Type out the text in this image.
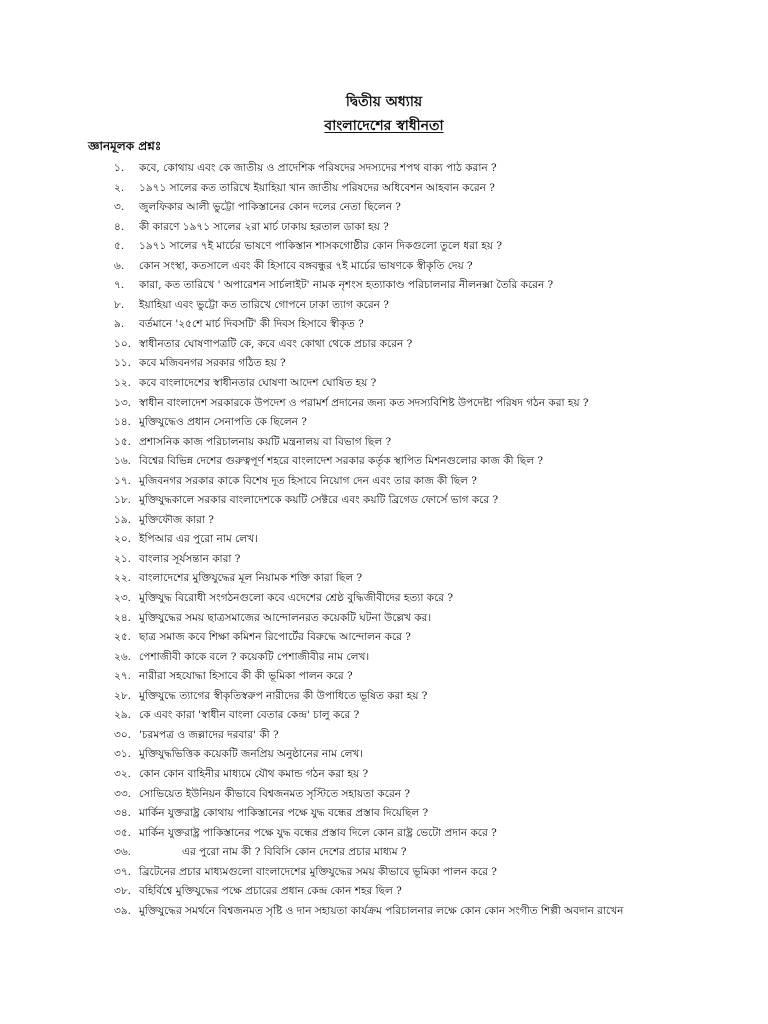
দ্বিতীয় অধ্যায়
বাংলাদেশের স্বাধীনতা
জ্ঞানমূলক প্রশ্নঃ
১.	কবে, কোথায় এবং কে জাতীয় ও প্রাদেশিক পরিষদের সদস্যদের শপথ বাক্য পাঠ করান ?
২.	১৯৭১ সালের কত তারিখে ইয়াহিয়া খান জাতীয় পরিষদের অধিবেশন আহবান করেন ?
৩.	জুলফিকার আলী ভুট্টো পাকিস্তানের কোন দলের নেতা ছিলেন ?
৪.	কী কারণে ১৯৭১ সালের ২রা মার্চ ঢাকায় হরতাল ডাকা হয় ?
৫.	১৯৭১ সালের ৭ই মার্চের ভাষণে পাকিস্তান শাসকগোষ্ঠীর কোন দিকগুলো তুলে ধরা হয় ?
৬.	কোন সংস্থা, কতসালে এবং কী হিসাবে বঙ্গবন্ধুর ৭ই মার্চের ভাষণকে স্বীকৃতি দেয় ?
৭.	কারা, কত তারিখে ' অপারেশন সার্চলাইট' নামক নৃশংস হত্যাকাণ্ড পরিচালনার নীলনক্সা তৈরি করেন ?
৮.	ইয়াহিয়া এবং ভুট্টো কত তারিখে গোপনে ঢাকা ত্যাগ করেন ?
৯.	বর্তমানে '২৫শে মার্চ দিবসটি' কী দিবস হিসাবে স্বীকৃত ?
১০. স্বাধীনতার ঘোষণাপত্রটি কে, কবে এবং কোথা থেকে প্রচার করেন ?
১১. কবে মজিবনগর সরকার গঠিত হয় ?
১২. কবে বাংলাদেশের স্বাধীনতার ঘোষণা আদেশ ঘোষিত হয় ?
১৩. স্বাধীন বাংলাদেশ সরকারকে উপদেশ ও পরামর্শ প্রদানের জন্য কত সদস্যবিশিষ্ট উপদেষ্টা পরিষদ গঠন করা হয় ?
১৪. মুক্তিযুদ্ধেও প্রধান সেনাপতি কে ছিলেন ?
১৫. প্রশাসনিক কাজ পরিচালনায় কয়টি মন্ত্রনালয় বা বিভাগ ছিল ?
১৬. বিশ্বের বিভিন্ন দেশের গুরুত্বপূর্ণ শহরে বাংলাদেশ সরকার কর্তৃক স্থাপিত মিশনগুলোর কাজ কী ছিল ?
১৭. মুজিবনগর সরকার কাকে বিশেষ দূত হিসাবে নিয়োগ দেন এবং তার কাজ কী ছিল ?
১৮. মুক্তিযুদ্ধকালে সরকার বাংলাদেশকে কয়টি সেক্টরে এবং কয়টি ব্রিগেড ফোর্সে ভাগ করে ?
১৯. মুক্তিফৌজ কারা ?
২০. ইপিআর এর পুরো নাম লেখ।
২১. বাংলার সূর্যসন্তান কারা ?
২২. বাংলাদেশের মুক্তিযুদ্ধের মূল নিয়ামক শক্তি কারা ছিল ?
২৩. মুক্তিযুদ্ধ বিরোধী সংগঠনগুলো কবে এদেশের শ্রেষ্ঠ বুদ্ধিজীবীদের হত্যা করে ?
২৪. মুক্তিযুদ্ধের সময় ছাত্রসমাজের আন্দোলনরত কয়েকটি ঘটনা উল্লেখ কর।
২৫. ছাত্র সমাজ কবে শিক্ষা কমিশন রিপোর্টের বিরুদ্ধে আন্দোলন করে ?
২৬. পেশাজীবী কাকে বলে ? কয়েকটি পেশাজীবীর নাম লেখ।
২৭. নারীরা সহযোদ্ধা হিসাবে কী কী ভূমিকা পালন করে ?
২৮. মুক্তিযুদ্ধে ত্যাগের স্বীকৃতিস্বরুপ নারীদের কী উপাধিতে ভূষিত করা হয় ?
২৯. কে এবং কারা 'স্বাধীন বাংলা বেতার কেন্দ্র' চালু করে ?
৩০. 'চরমপত্র ও জল্লাদের দরবার' কী ?
৩১. মুক্তিযুদ্ধভিত্তিক কয়েকটি জনপ্রিয় অনুষ্ঠানের নাম লেখ।
৩২. কোন কোন বাহিনীর মাধ্যমে যৌথ কমান্ড গঠন করা হয় ?
৩৩. সোভিয়েত ইউনিয়ন কীভাবে বিশ্বজনমত সৃস্টিতে সহায়তা করেন ?
৩৪. মার্কিন যুক্তরাষ্ট্র কোথায় পাকিস্তানের পক্ষে যুদ্ধ বন্ধের প্রস্তাব দিয়েছিল ?
৩৫. মার্কিন যুক্তরাষ্ট্র পাকিস্তানের পক্ষে যুদ্ধ বন্ধের প্রস্তাব দিলে কোন রাষ্ট্র ভেটো প্রদান করে ?
৩৬.	এর পুরো নাম কী ? বিবিসি কোন দেশের প্রচার মাধ্যম ?
৩৭. ব্রিটেনের প্রচার মাধ্যমগুলো বাংলাদেশের মুক্তিযুদ্ধের সময় কীভাবে ভূমিকা পালন করে ?
৩৮. বহির্বিশ্বে মুক্তিযুদ্ধের পক্ষে প্রচারের প্রধান কেন্দ্র কোন শহর ছিল ?
৩৯. মুক্তিযুদ্ধের সমর্থনে বিশ্বজনমত সৃষ্টি ও দান সহায়তা কার্যক্রম পরিচালনার লক্ষে কোন কোন সংগীত শিল্পী অবদান রাখেন
